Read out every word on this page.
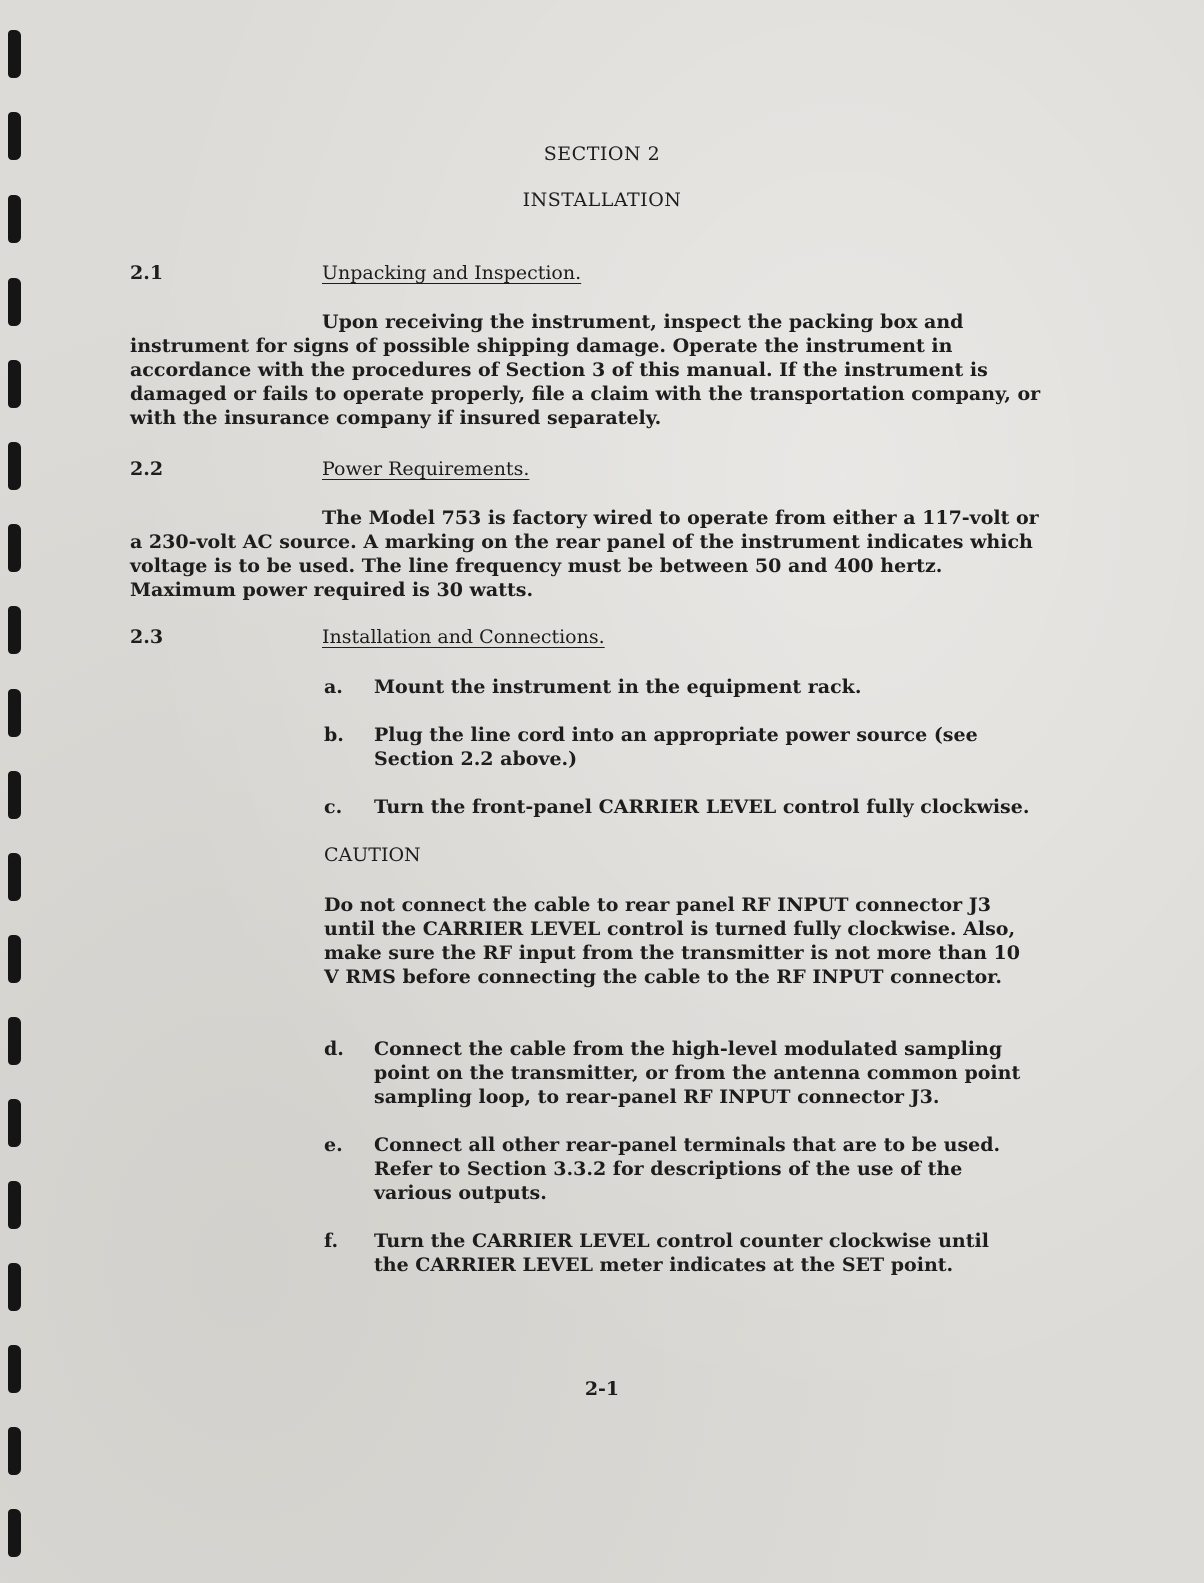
SECTION 2
INSTALLATION
2.1	Unpacking and Inspection.
Upon receiving the instrument, inspect the packing box and instrument for signs of possible shipping damage. Operate the instrument in accordance with the procedures of Section 3 of this manual. If the instrument is damaged or fails to operate properly, file a claim with the transportation company, or with the insurance company if insured separately.
2.2	Power Requirements.
The Model 753 is factory wired to operate from either a 117-volt or a 230-volt AC source. A marking on the rear panel of the instrument indicates which voltage is to be used. The line frequency must be between 50 and 400 hertz. Maximum power required is 30 watts.
2.3	Installation and Connections.
a. Mount the instrument in the equipment rack.
b. Plug the line cord into an appropriate power source (see Section 2.2 above.)
c. Turn the front-panel CARRIER LEVEL control fully clockwise.
CAUTION
Do not connect the cable to rear panel RF INPUT connector J3 until the CARRIER LEVEL control is turned fully clockwise. Also, make sure the RF input from the transmitter is not more than 10 V RMS before connecting the cable to the RF INPUT connector.
d. Connect the cable from the high-level modulated sampling point on the transmitter, or from the antenna common point sampling loop, to rear-panel RF INPUT connector J3.
e. Connect all other rear-panel terminals that are to be used. Refer to Section 3.3.2 for descriptions of the use of the various outputs.
f. Turn the CARRIER LEVEL control counter clockwise until the CARRIER LEVEL meter indicates at the SET point.
2-1
